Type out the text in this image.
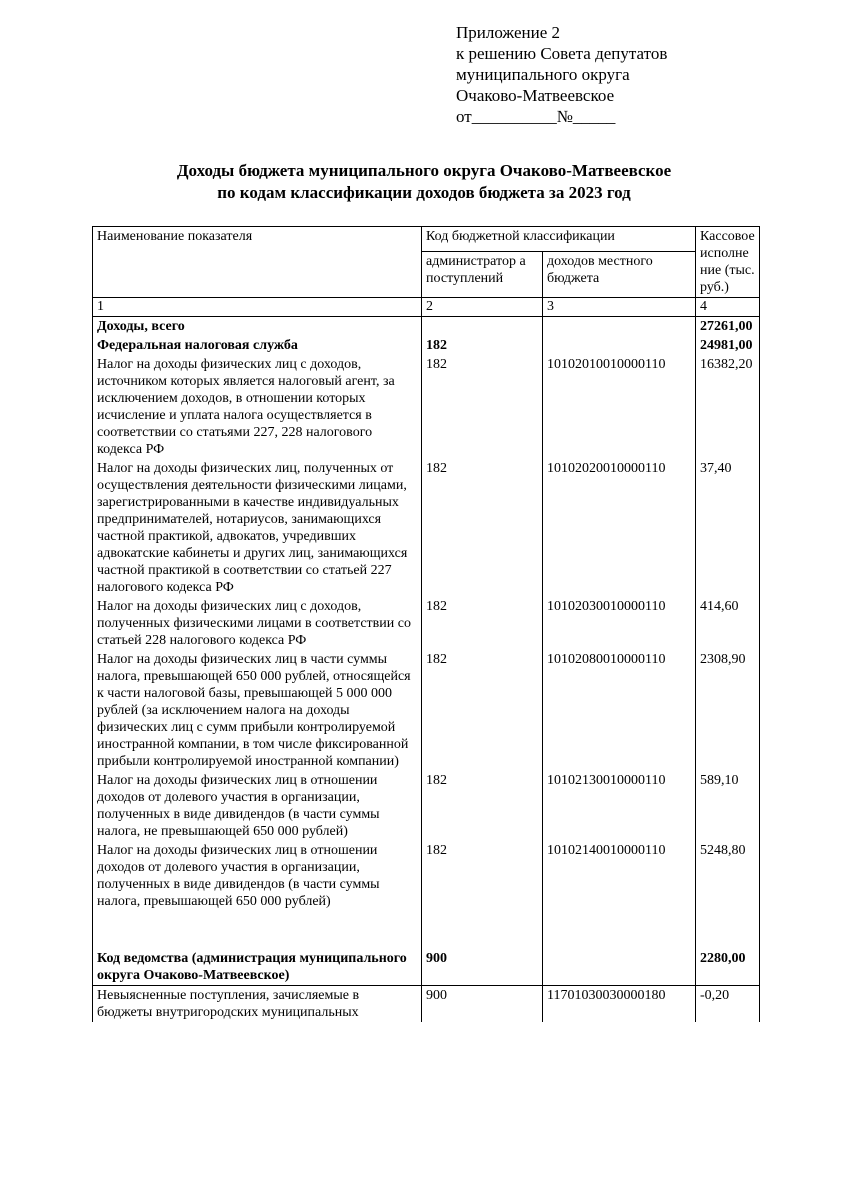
Приложение 2
к решению Совета депутатов
муниципального округа
Очаково-Матвеевское
от__________№_____
Доходы бюджета муниципального округа Очаково-Матвеевское
по кодам классификации доходов бюджета за 2023 год
Наименование показателя	Код бюджетной классификации		Кассовое исполне ние (тыс. руб.)
	администратор а поступлений	доходов местного бюджета	
1	2	3	4
Доходы, всего			27261,00
Федеральная налоговая служба	182		24981,00
Налог на доходы физических лиц с доходов, источником которых является налоговый агент, за исключением доходов, в отношении которых исчисление и уплата налога осуществляется в соответствии со статьями 227, 228 налогового кодекса РФ	182	10102010010000110	16382,20
Налог на доходы физических лиц, полученных от осуществления деятельности физическими лицами, зарегистрированными в качестве индивидуальных предпринимателей, нотариусов, занимающихся частной практикой, адвокатов, учредивших адвокатские кабинеты и других лиц, занимающихся частной практикой в соответствии со статьей 227 налогового кодекса РФ	182	10102020010000110	37,40
Налог на доходы физических лиц с доходов, полученных физическими лицами в соответствии со статьей 228 налогового кодекса РФ	182	10102030010000110	414,60
Налог на доходы физических лиц в части суммы налога, превышающей 650 000 рублей, относящейся к части налоговой базы, превышающей 5 000 000 рублей (за исключением налога на доходы физических лиц с сумм прибыли контролируемой иностранной компании, в том числе фиксированной прибыли контролируемой иностранной компании)	182	10102080010000110	2308,90
Налог на доходы физических лиц в отношении доходов от долевого участия в организации, полученных в виде дивидендов (в части суммы налога, не превышающей 650 000 рублей)	182	10102130010000110	589,10
Налог на доходы физических лиц в отношении доходов от долевого участия в организации, полученных в виде дивидендов (в части суммы налога, превышающей 650 000 рублей)	182	10102140010000110	5248,80

Код ведомства (администрация муниципального округа Очаково-Матвеевское)	900		2280,00
Невыясненные поступления, зачисляемые в бюджеты внутригородских муниципальных	900	11701030030000180	-0,20
